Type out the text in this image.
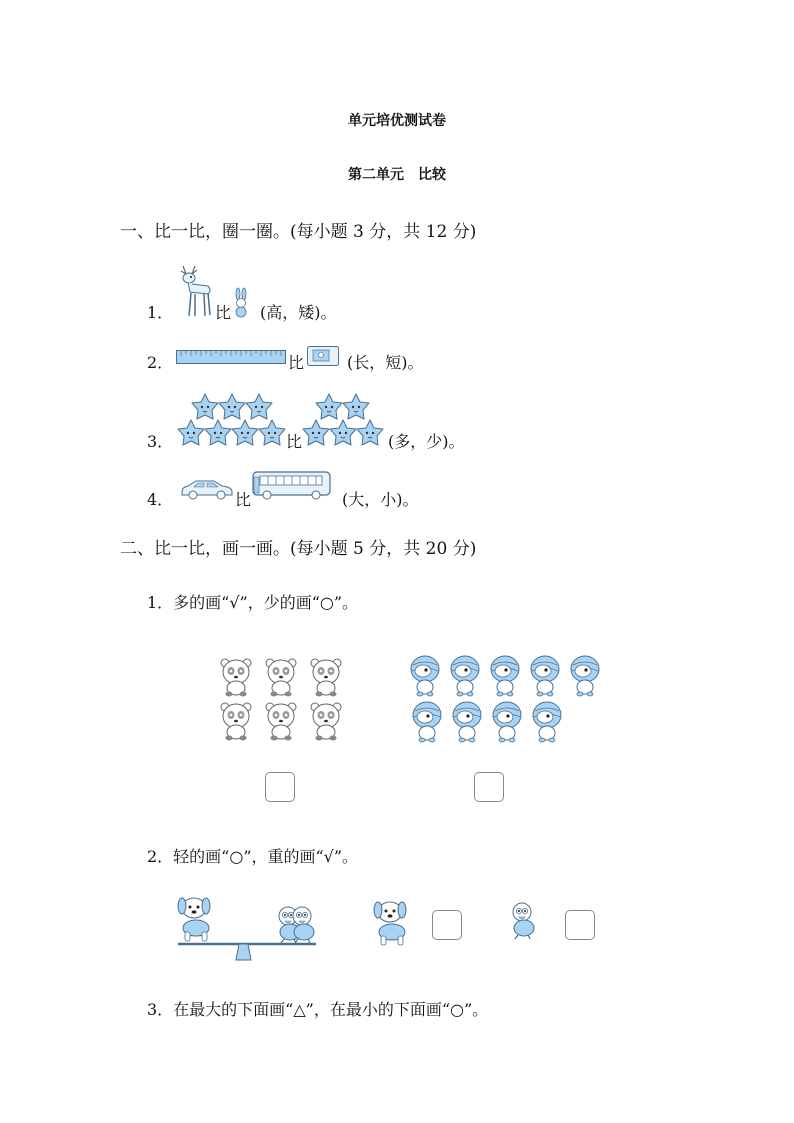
单元培优测试卷
第二单元　比较
一、比一比，圈一圈。(每小题 3 分，共 12 分)
1．	比 (高，矮)。
2．	比	(长，短)。
3．	比	(多，少)。
4．	比	(大，小)。
二、比一比，画一画。(每小题 5 分，共 20 分)
1．多的画“√”，少的画“○”。
2．轻的画“○”，重的画“√”。
3．在最大的下面画“△”，在最小的下面画“○”。
